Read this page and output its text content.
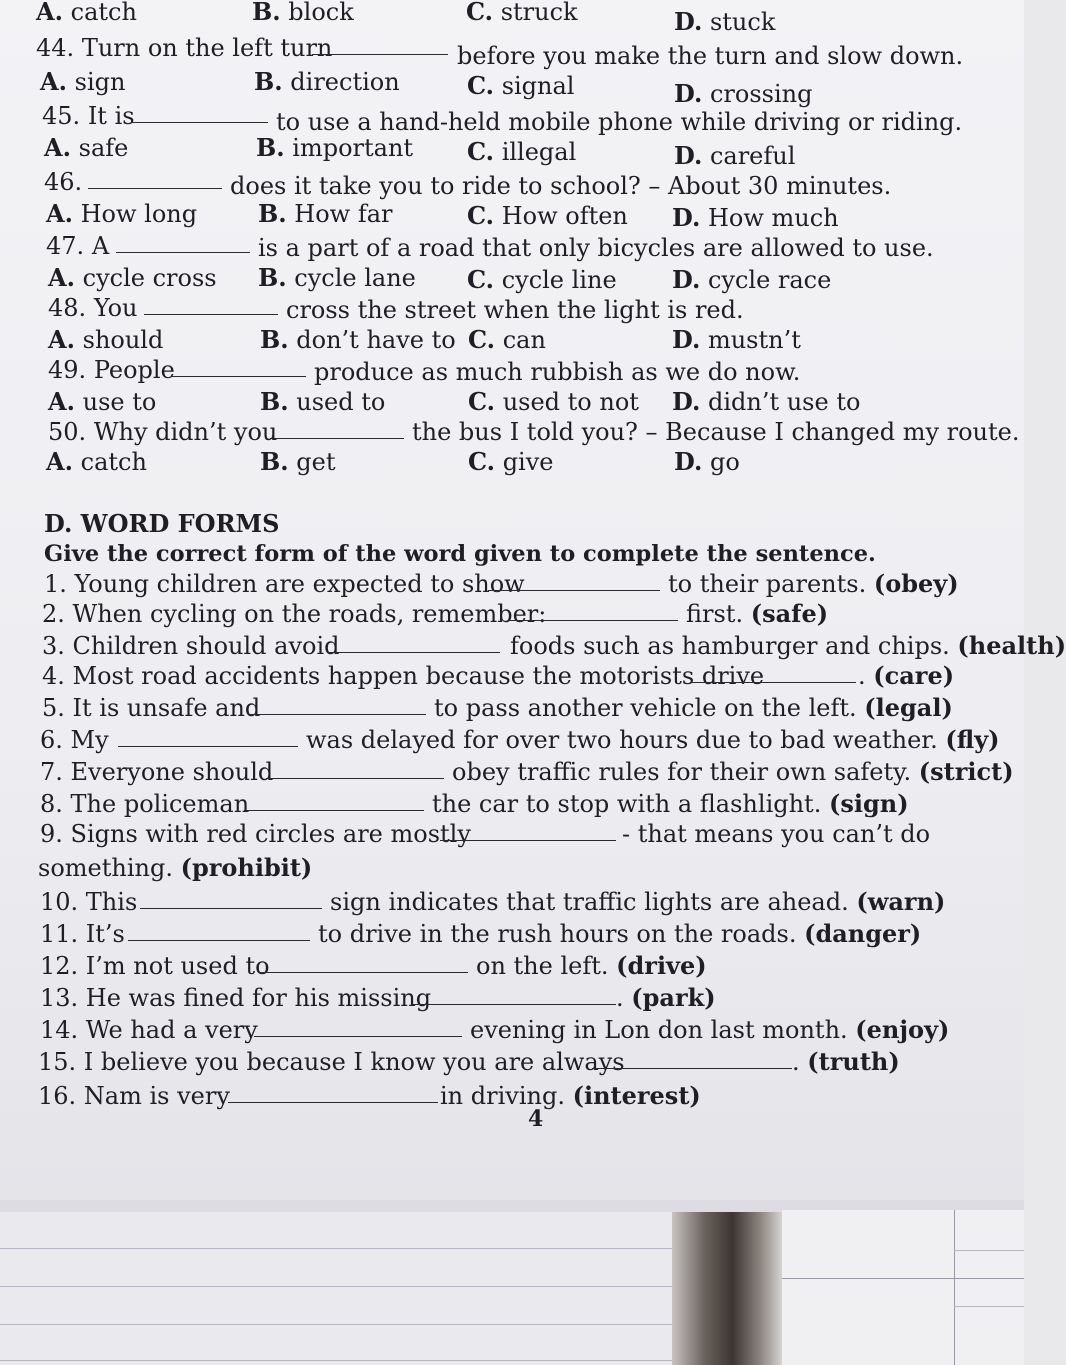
A. catch	B. block	C. struck	D. stuck
44. Turn on the left turn	before you make the turn and slow down.
A. sign	B. direction	C. signal	D. crossing
45. It is	to use a hand-held mobile phone while driving or riding.
A. safe	B. important C. illegal	D. careful
46.	does it take you to ride to school? – About 30 minutes.
A. How long	B. How far	C. How often D. How much
47. A	is a part of a road that only bicycles are allowed to use.
A. cycle cross B. cycle lane C. cycle line D. cycle race
48. You	cross the street when the light is red.
A. should	B. don’t have to C. can	D. mustn’t
49. People	produce as much rubbish as we do now.
A. use to	B. used to	C. used to not D. didn’t use to
50. Why didn’t you	the bus I told you? – Because I changed my route.
A. catch	B. get	C. give	D. go
D. WORD FORMS
Give the correct form of the word given to complete the sentence.
1. Young children are expected to show	to their parents. (obey)
2. When cycling on the roads, remember:	first. (safe)
3. Children should avoid	foods such as hamburger and chips. (health)
4. Most road accidents happen because the motorists drive	. (care)
5. It is unsafe and	to pass another vehicle on the left. (legal)
6. My	was delayed for over two hours due to bad weather. (fly)
7. Everyone should	obey traffic rules for their own safety. (strict)
8. The policeman	the car to stop with a flashlight. (sign)
9. Signs with red circles are mostly	- that means you can’t do
something. (prohibit)
10. This	sign indicates that traffic lights are ahead. (warn)
11. It’s	to drive in the rush hours on the roads. (danger)
12. I’m not used to	on the left. (drive)
13. He was fined for his missing	. (park)
14. We had a very	evening in Lon don last month. (enjoy)
15. I believe you because I know you are always	. (truth)
16. Nam is very	in driving. (interest)
4
